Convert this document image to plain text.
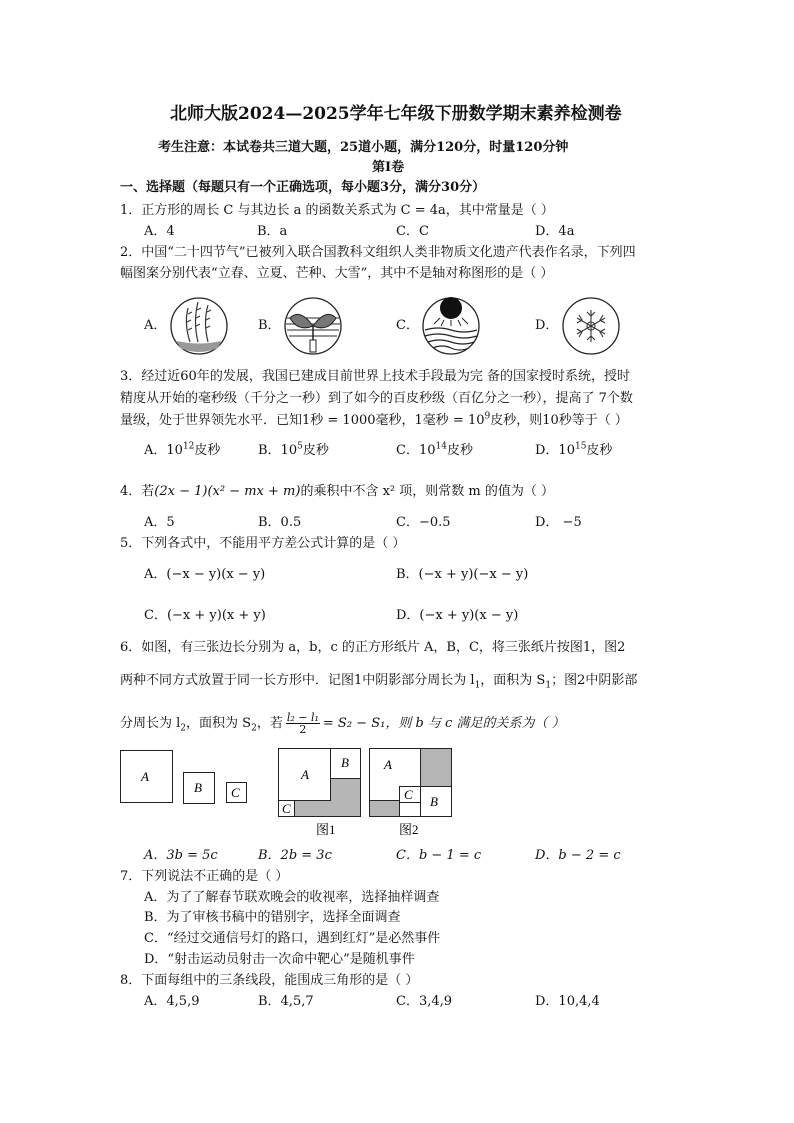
北师大版2024—2025学年七年级下册数学期末素养检测卷
考生注意：本试卷共三道大题，25道小题，满分120分，时量120分钟
第Ⅰ卷
一、选择题（每题只有一个正确选项，每小题3分，满分30分）
1．正方形的周长 C 与其边长 a 的函数关系式为 C = 4a，其中常量是（ ）
A．4	B．a	C．C	D．4a
2．中国“二十四节气”已被列入联合国教科文组织人类非物质文化遗产代表作名录，下列四
幅图案分别代表“立春、立夏、芒种、大雪”，其中不是轴对称图形的是（ ）
A．	B．	C．	D．
3．经过近60年的发展，我国已建成目前世界上技术手段最为完 备的国家授时系统，授时
精度从开始的毫秒级（千分之一秒）到了如今的百皮秒级（百亿分之一秒），提高了 7个数
量级，处于世界领先水平．已知1秒 = 1000毫秒，1毫秒 = $10^9$皮秒，则10秒等于（ ）
A．$10^{12}$皮秒	B．$10^5$皮秒	C．$10^{14}$皮秒	D．$10^{15}$皮秒
4．若(2x − 1)(x² − mx + m)的乘积中不含 x² 项，则常数 m 的值为（ ）
A．5	B．0.5	C．−0.5	D． −5
5．下列各式中，不能用平方差公式计算的是（ ）
A．(−x − y)(x − y)	B．(−x + y)(−x − y)
C．(−x + y)(x + y)	D．(−x + y)(x − y)
6．如图，有三张边长分别为 a，b，c 的正方形纸片 A，B，C，将三张纸片按图1，图2
两种不同方式放置于同一长方形中．记图1中阴影部分周长为 $l_1$，面积为 $S_1$；图2中阴影部
分周长为 $l_2$，面积为 $S_2$，若 $\frac{\text{l₂ − l₁}}{2} = S_2 - S_1$，则 b 与 c 满足的关系为（ ）
A
B C
A
B
C
图1
A
B
C
图2
A．3b = 5c	B．2b = 3c	C．b − 1 = c	D．b − 2 = c
7．下列说法不正确的是（ ）
A．为了了解春节联欢晚会的收视率，选择抽样调查
B．为了审核书稿中的错别字，选择全面调查
C．“经过交通信号灯的路口，遇到红灯”是必然事件
D．“射击运动员射击一次命中靶心”是随机事件
8．下面每组中的三条线段，能围成三角形的是（ ）
A．4,5,9	B．4,5,7	C．3,4,9	D．10,4,4
